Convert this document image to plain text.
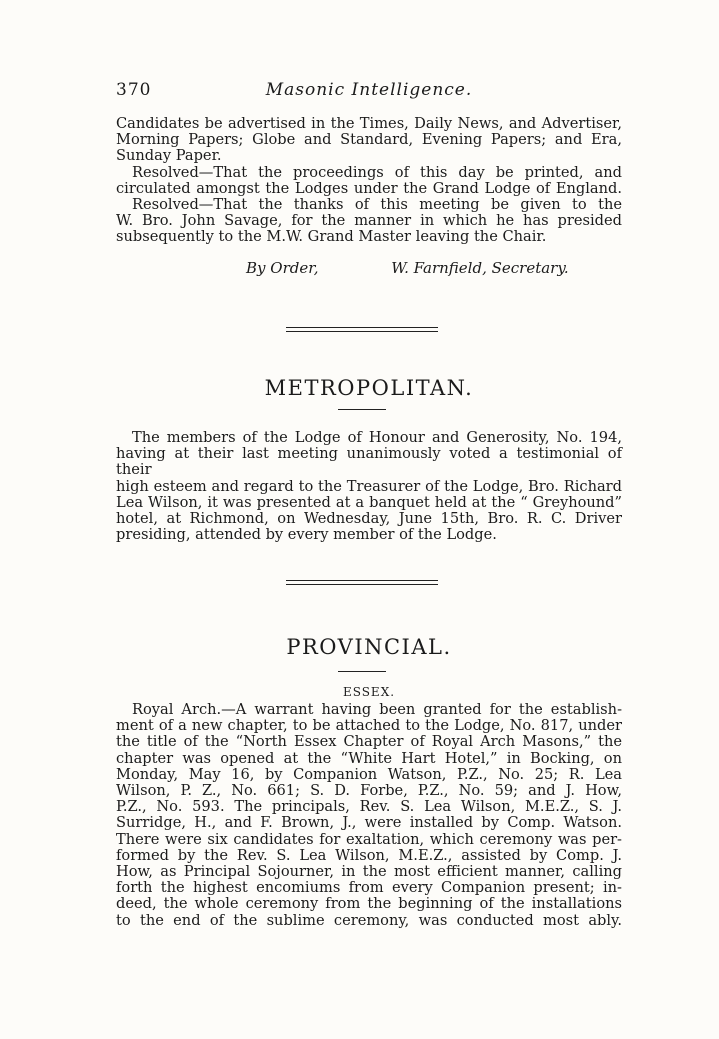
370	Masonic Intelligence.
Candidates be advertised in the Times, Daily News, and Advertiser,
Morning Papers; Globe and Standard, Evening Papers; and Era,
Sunday Paper.
Resolved—That the proceedings of this day be printed, and
circulated amongst the Lodges under the Grand Lodge of England.
Resolved—That the thanks of this meeting be given to the
W. Bro. John Savage, for the manner in which he has presided
subsequently to the M.W. Grand Master leaving the Chair.
By Order,	W. Farnfield, Secretary.
METROPOLITAN.
The members of the Lodge of Honour and Generosity, No. 194,
having at their last meeting unanimously voted a testimonial of their
high esteem and regard to the Treasurer of the Lodge, Bro. Richard
Lea Wilson, it was presented at a banquet held at the “ Greyhound”
hotel, at Richmond, on Wednesday, June 15th, Bro. R. C. Driver
presiding, attended by every member of the Lodge.
PROVINCIAL.
ESSEX.
Royal Arch.—A warrant having been granted for the establish-
ment of a new chapter, to be attached to the Lodge, No. 817, under
the title of the “North Essex Chapter of Royal Arch Masons,” the
chapter was opened at the “White Hart Hotel,” in Bocking, on
Monday, May 16, by Companion Watson, P.Z., No. 25; R. Lea
Wilson, P. Z., No. 661; S. D. Forbe, P.Z., No. 59; and J. How,
P.Z., No. 593. The principals, Rev. S. Lea Wilson, M.E.Z., S. J.
Surridge, H., and F. Brown, J., were installed by Comp. Watson.
There were six candidates for exaltation, which ceremony was per-
formed by the Rev. S. Lea Wilson, M.E.Z., assisted by Comp. J.
How, as Principal Sojourner, in the most efficient manner, calling
forth the highest encomiums from every Companion present; in-
deed, the whole ceremony from the beginning of the installations
to the end of the sublime ceremony, was conducted most ably.
